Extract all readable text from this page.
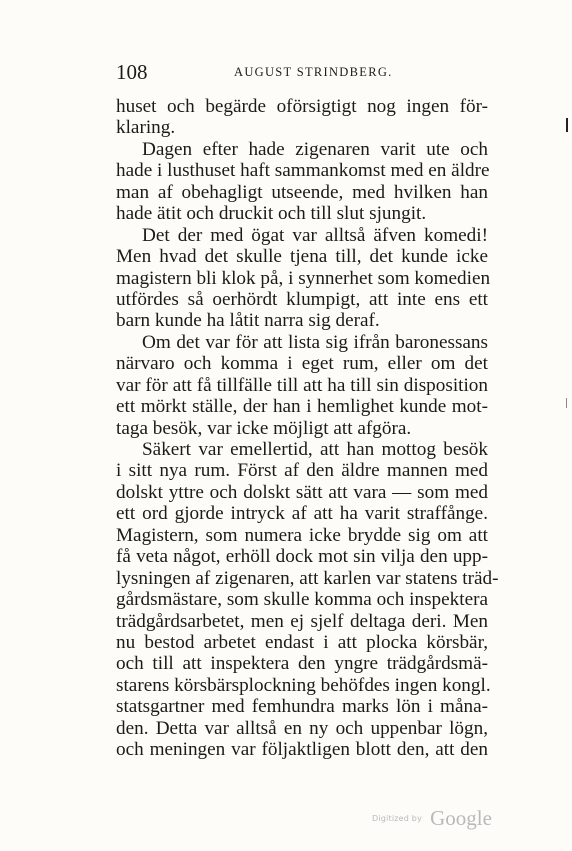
108	AUGUST STRINDBERG.
huset och begärde oförsigtigt nog ingen för-
klaring.
Dagen efter hade zigenaren varit ute och
hade i lusthuset haft sammankomst med en äldre
man af obehagligt utseende, med hvilken han
hade ätit och druckit och till slut sjungit.
Det der med ögat var alltså äfven komedi!
Men hvad det skulle tjena till, det kunde icke
magistern bli klok på, i synnerhet som komedien
utfördes så oerhördt klumpigt, att inte ens ett
barn kunde ha låtit narra sig deraf.
Om det var för att lista sig ifrån baronessans
närvaro och komma i eget rum, eller om det
var för att få tillfälle till att ha till sin disposition
ett mörkt ställe, der han i hemlighet kunde mot-
taga besök, var icke möjligt att afgöra.
Säkert var emellertid, att han mottog besök
i sitt nya rum. Först af den äldre mannen med
dolskt yttre och dolskt sätt att vara — som med
ett ord gjorde intryck af att ha varit straffånge.
Magistern, som numera icke brydde sig om att
få veta något, erhöll dock mot sin vilja den upp-
lysningen af zigenaren, att karlen var statens träd-
gårdsmästare, som skulle komma och inspektera
trädgårdsarbetet, men ej sjelf deltaga deri. Men
nu bestod arbetet endast i att plocka körsbär,
och till att inspektera den yngre trädgårdsmä-
starens körsbärsplockning behöfdes ingen kongl.
statsgartner med femhundra marks lön i måna-
den. Detta var alltså en ny och uppenbar lögn,
och meningen var följaktligen blott den, att den
Digitized by Google
